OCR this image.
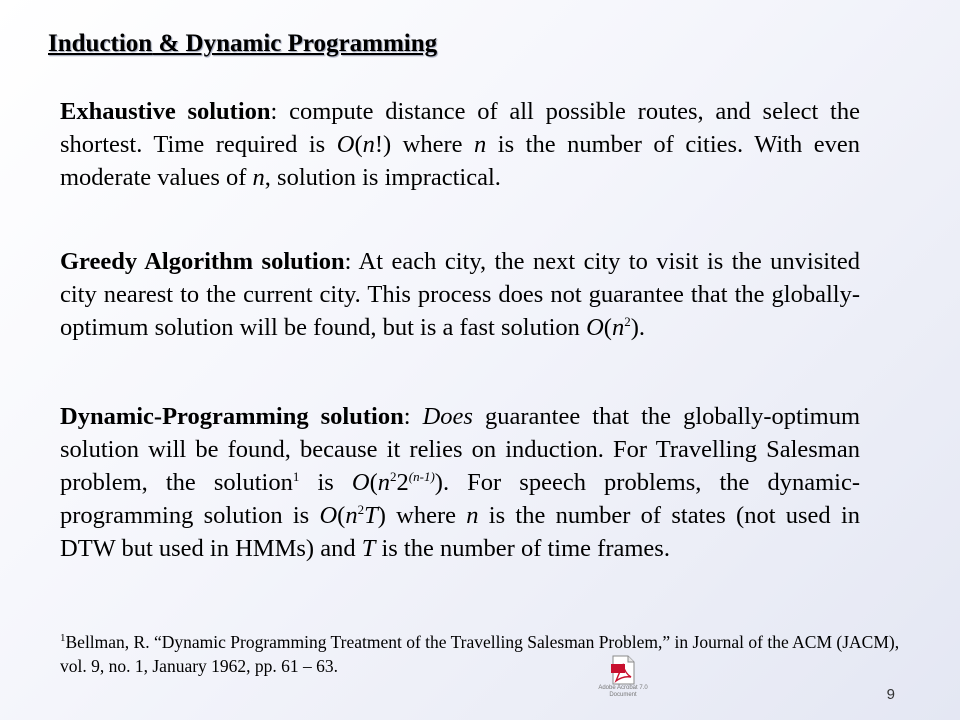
Induction & Dynamic Programming

Exhaustive solution: compute distance of all possible routes, and select the shortest. Time required is O(n!) where n is the number of cities. With even moderate values of n, solution is impractical.

Greedy Algorithm solution: At each city, the next city to visit is the unvisited city nearest to the current city. This process does not guarantee that the globally-optimum solution will be found, but is a fast solution $O(n^2)$.

Dynamic-Programming solution: Does guarantee that the globally-optimum solution will be found, because it relies on induction. For Travelling Salesman problem, the solution$^1$ is $O(n^22^{(n-1)})$. For speech problems, the dynamic-programming solution is $O(n^2T)$ where n is the number of states (not used in DTW but used in HMMs) and T is the number of time frames.

$^1$Bellman, R. “Dynamic Programming Treatment of the Travelling Salesman Problem,” in Journal of the ACM (JACM), vol. 9, no. 1, January 1962, pp. 61 – 63.

Adobe Acrobat 7.0
Document	9
